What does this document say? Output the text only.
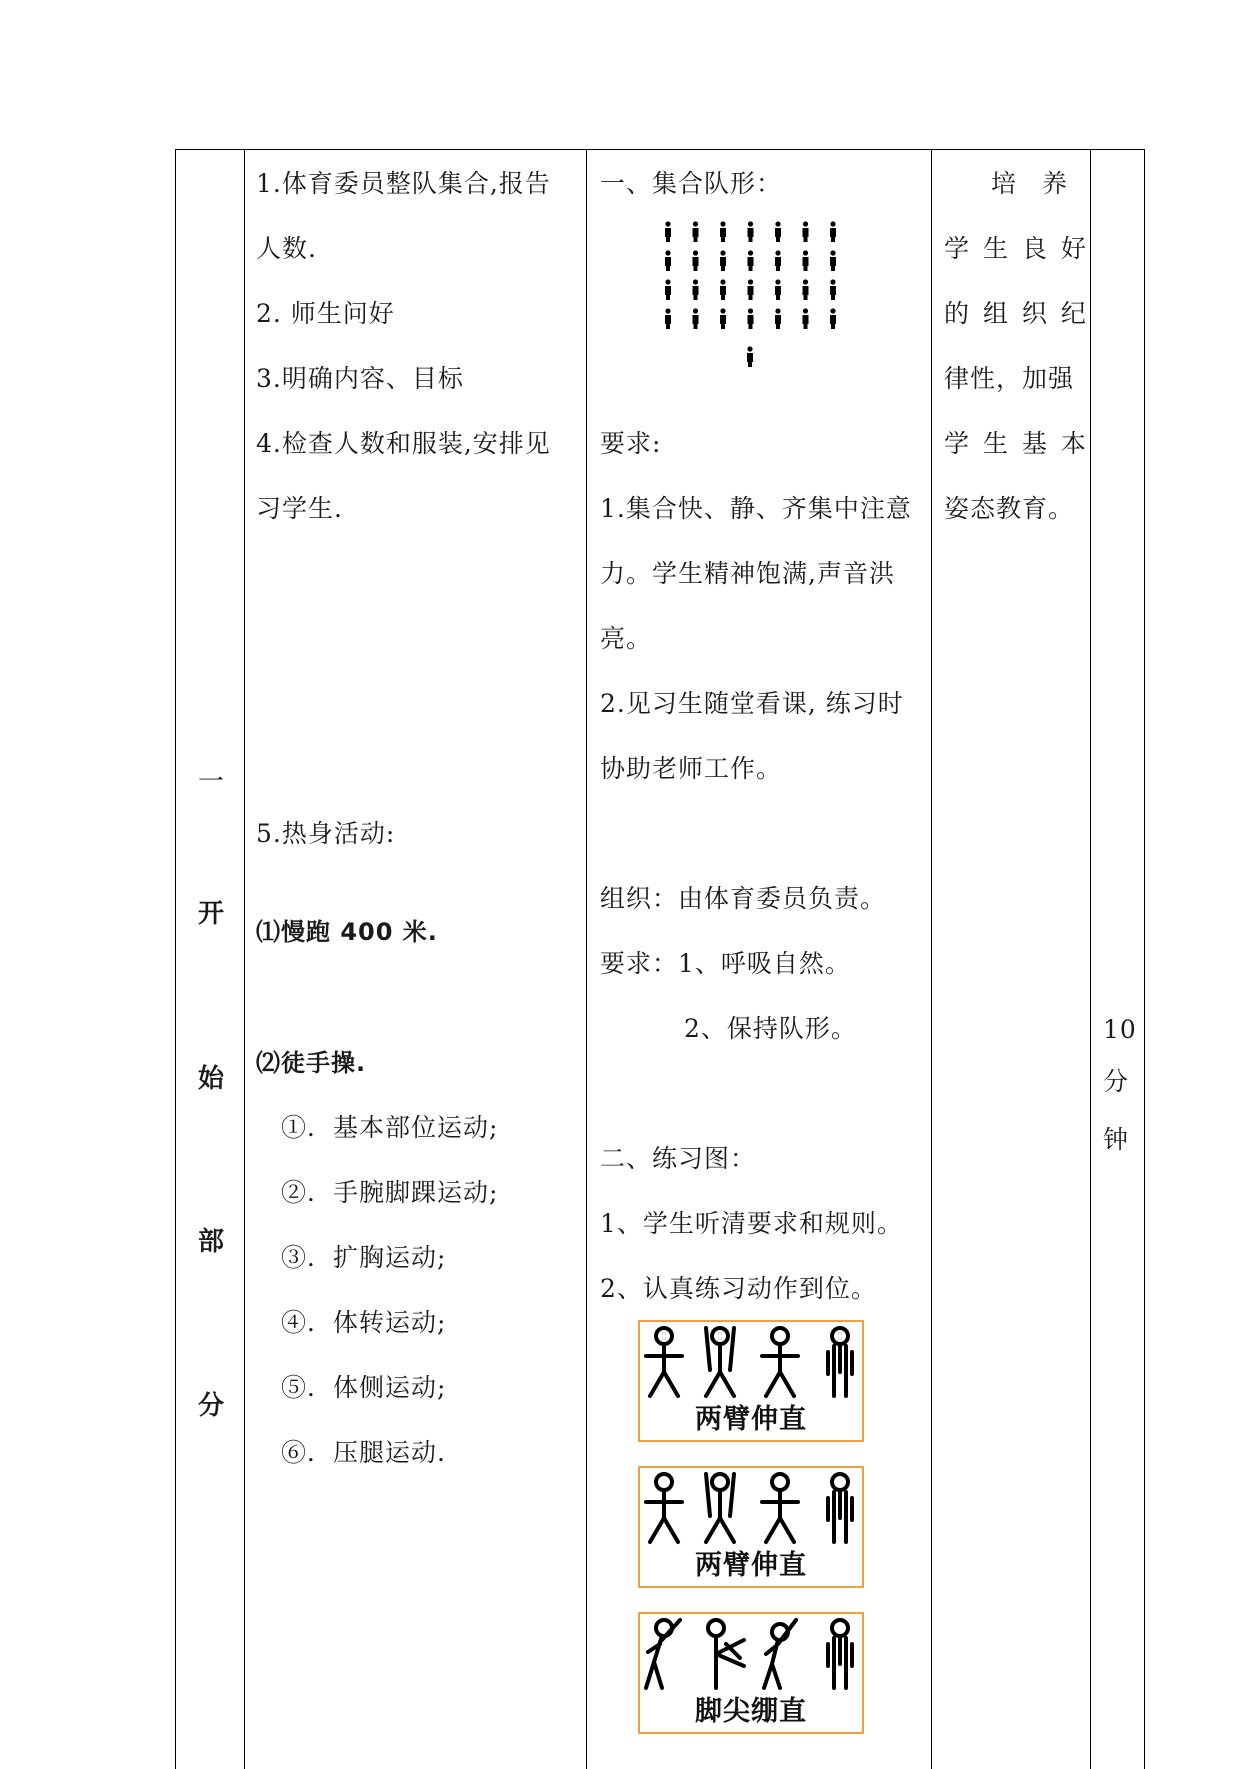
一
开
始
部
分
1.体育委员整队集合,报告
人数.
2. 师生问好
3.明确内容、目标
4.检查人数和服装,安排见
习学生.
5.热身活动:
⑴慢跑 400 米.
⑵徒手操.
①．基本部位运动;
②．手腕脚踝运动;
③．扩胸运动;
④．体转运动;
⑤．体侧运动;
⑥．压腿运动.
一、集合队形：
要求:
1.集合快、静、齐集中注意
力。学生精神饱满,声音洪
亮。
2.见习生随堂看课, 练习时
协助老师工作。
组织：由体育委员负责。
要求：1、呼吸自然。
2、保持队形。
二、练习图：
1、学生听清要求和规则。
2、认真练习动作到位。
两臂伸直
两臂伸直
脚尖绷直
培 养
学 生 良 好
的 组 织 纪
律性，加强
学 生 基 本
姿态教育。
10
分
钟
